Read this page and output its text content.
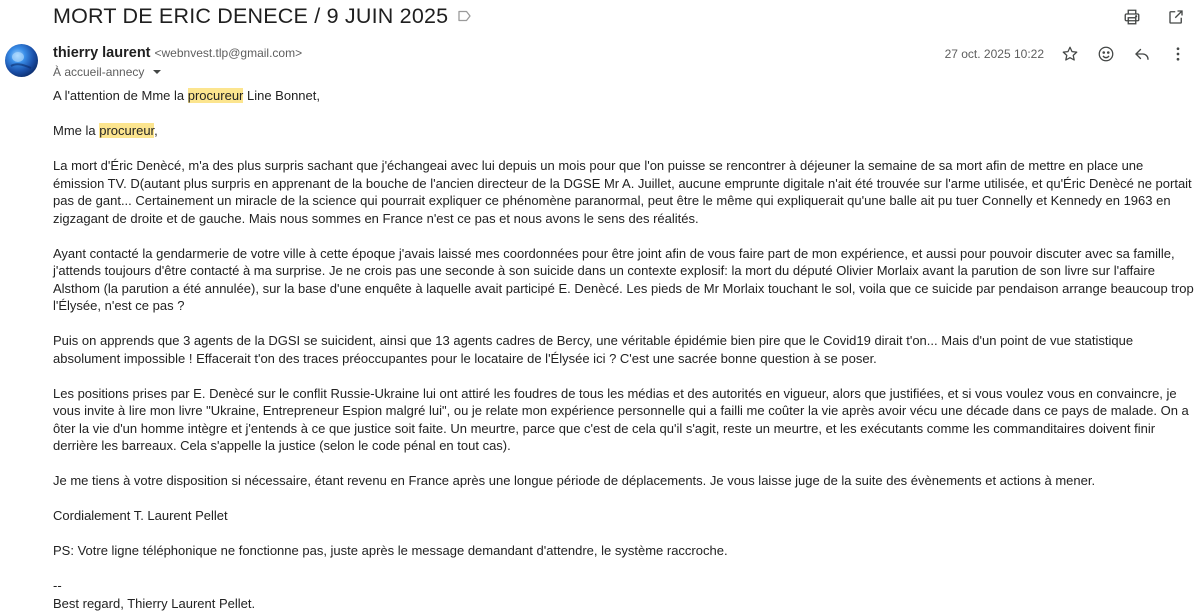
MORT DE ERIC DENECE / 9 JUIN 2025
thierry laurent <webnvest.tlp@gmail.com>
À accueil-annecy
27 oct. 2025 10:22

A l'attention de Mme la procureur Line Bonnet,

Mme la procureur,

La mort d'Éric Denècé, m'a des plus surpris sachant que j'échangeai avec lui depuis un mois pour que l'on puisse se rencontrer à déjeuner la semaine de sa mort afin de mettre en place une émission TV. D(autant plus surpris en apprenant de la bouche de l'ancien directeur de la DGSE Mr A. Juillet, aucune emprunte digitale n'ait été trouvée sur l'arme utilisée, et qu'Éric Denècé ne portait pas de gant... Certainement un miracle de la science qui pourrait expliquer ce phénomène paranormal, peut être le même qui expliquerait qu'une balle ait pu tuer Connelly et Kennedy en 1963 en zigzagant de droite et de gauche. Mais nous sommes en France n'est ce pas et nous avons le sens des réalités.

Ayant contacté la gendarmerie de votre ville à cette époque j'avais laissé mes coordonnées pour être joint afin de vous faire part de mon expérience, et aussi pour pouvoir discuter avec sa famille, j'attends toujours d'être contacté à ma surprise. Je ne crois pas une seconde à son suicide dans un contexte explosif: la mort du député Olivier Morlaix avant la parution de son livre sur l'affaire Alsthom (la parution a été annulée), sur la base d'une enquête à laquelle avait participé E. Denècé. Les pieds de Mr Morlaix touchant le sol, voila que ce suicide par pendaison arrange beaucoup trop l'Élysée, n'est ce pas ?

Puis on apprends que 3 agents de la DGSI se suicident, ainsi que 13 agents cadres de Bercy, une véritable épidémie bien pire que le Covid19 dirait t'on... Mais d'un point de vue statistique absolument impossible ! Effacerait t'on des traces préoccupantes pour le locataire de l'Élysée ici ? C'est une sacrée bonne question à se poser.

Les positions prises par E. Denècé sur le conflit Russie-Ukraine lui ont attiré les foudres de tous les médias et des autorités en vigueur, alors que justifiées, et si vous voulez vous en convaincre, je vous invite à lire mon livre "Ukraine, Entrepreneur Espion malgré lui", ou je relate mon expérience personnelle qui a failli me coûter la vie après avoir vécu une décade dans ce pays de malade. On a ôter la vie d'un homme intègre et j'entends à ce que justice soit faite. Un meurtre, parce que c'est de cela qu'il s'agit, reste un meurtre, et les exécutants comme les commanditaires doivent finir derrière les barreaux. Cela s'appelle la justice (selon le code pénal en tout cas).

Je me tiens à votre disposition si nécessaire, étant revenu en France après une longue période de déplacements. Je vous laisse juge de la suite des évènements et actions à mener.

Cordialement T. Laurent Pellet

PS: Votre ligne téléphonique ne fonctionne pas, juste après le message demandant d'attendre, le système raccroche.

--
Best regard, Thierry Laurent Pellet.
